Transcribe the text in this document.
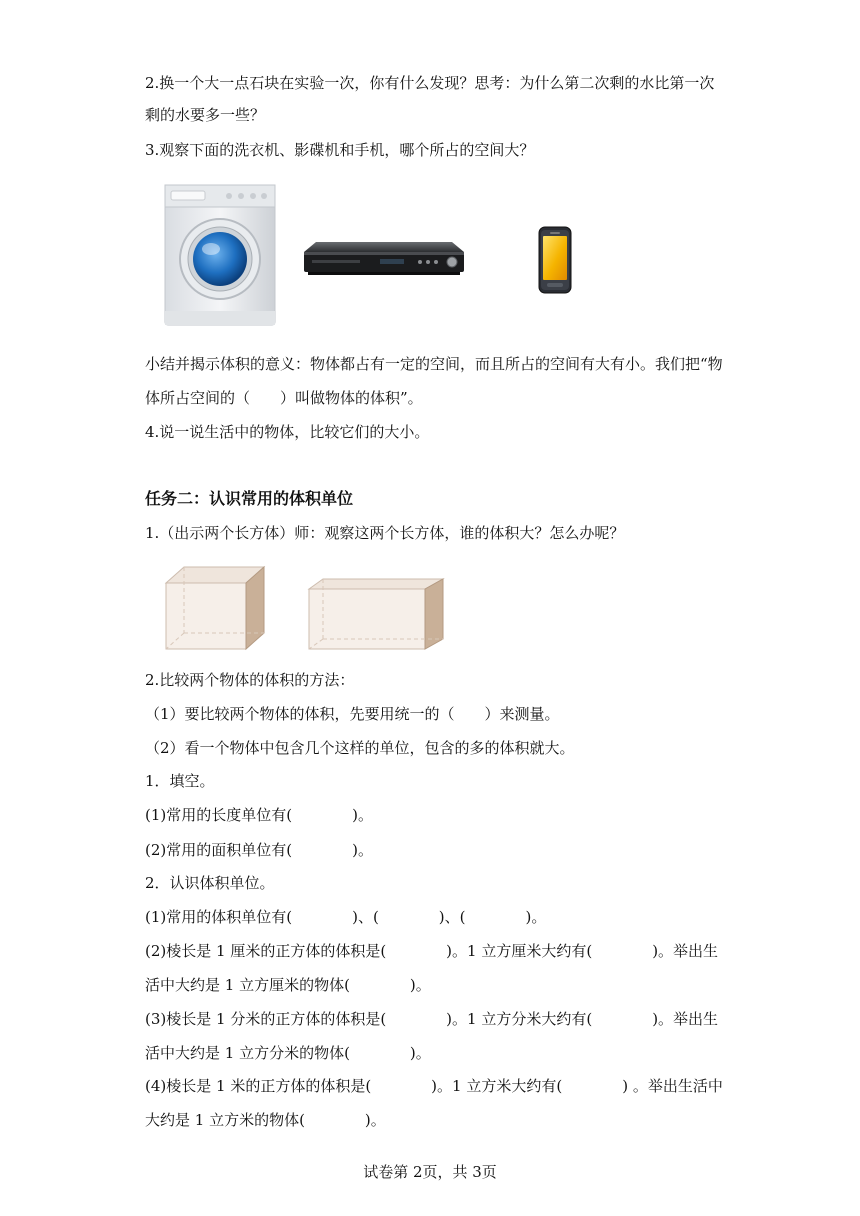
2.换一个大一点石块在实验一次，你有什么发现？思考：为什么第二次剩的水比第一次
剩的水要多一些？
3.观察下面的洗衣机、影碟机和手机，哪个所占的空间大？
小结并揭示体积的意义：物体都占有一定的空间，而且所占的空间有大有小。我们把“物
体所占空间的（　　）叫做物体的体积”。
4.说一说生活中的物体，比较它们的大小。
任务二：认识常用的体积单位
1.（出示两个长方体）师：观察这两个长方体，谁的体积大？怎么办呢？
2.比较两个物体的体积的方法：
（1）要比较两个物体的体积，先要用统一的（　　）来测量。
（2）看一个物体中包含几个这样的单位，包含的多的体积就大。
1．填空。
(1)常用的长度单位有(　　　　)。
(2)常用的面积单位有(　　　　)。
2．认识体积单位。
(1)常用的体积单位有(　　　　)、(　　　　)、(　　　　)。
(2)棱长是 1 厘米的正方体的体积是(　　　　)。1 立方厘米大约有(　　　　)。举出生
活中大约是 1 立方厘米的物体(　　　　)。
(3)棱长是 1 分米的正方体的体积是(　　　　)。1 立方分米大约有(　　　　)。举出生
活中大约是 1 立方分米的物体(　　　　)。
(4)棱长是 1 米的正方体的体积是(　　　　)。1 立方米大约有(　　　　) 。举出生活中
大约是 1 立方米的物体(　　　　)。
试卷第 2页，共 3页
